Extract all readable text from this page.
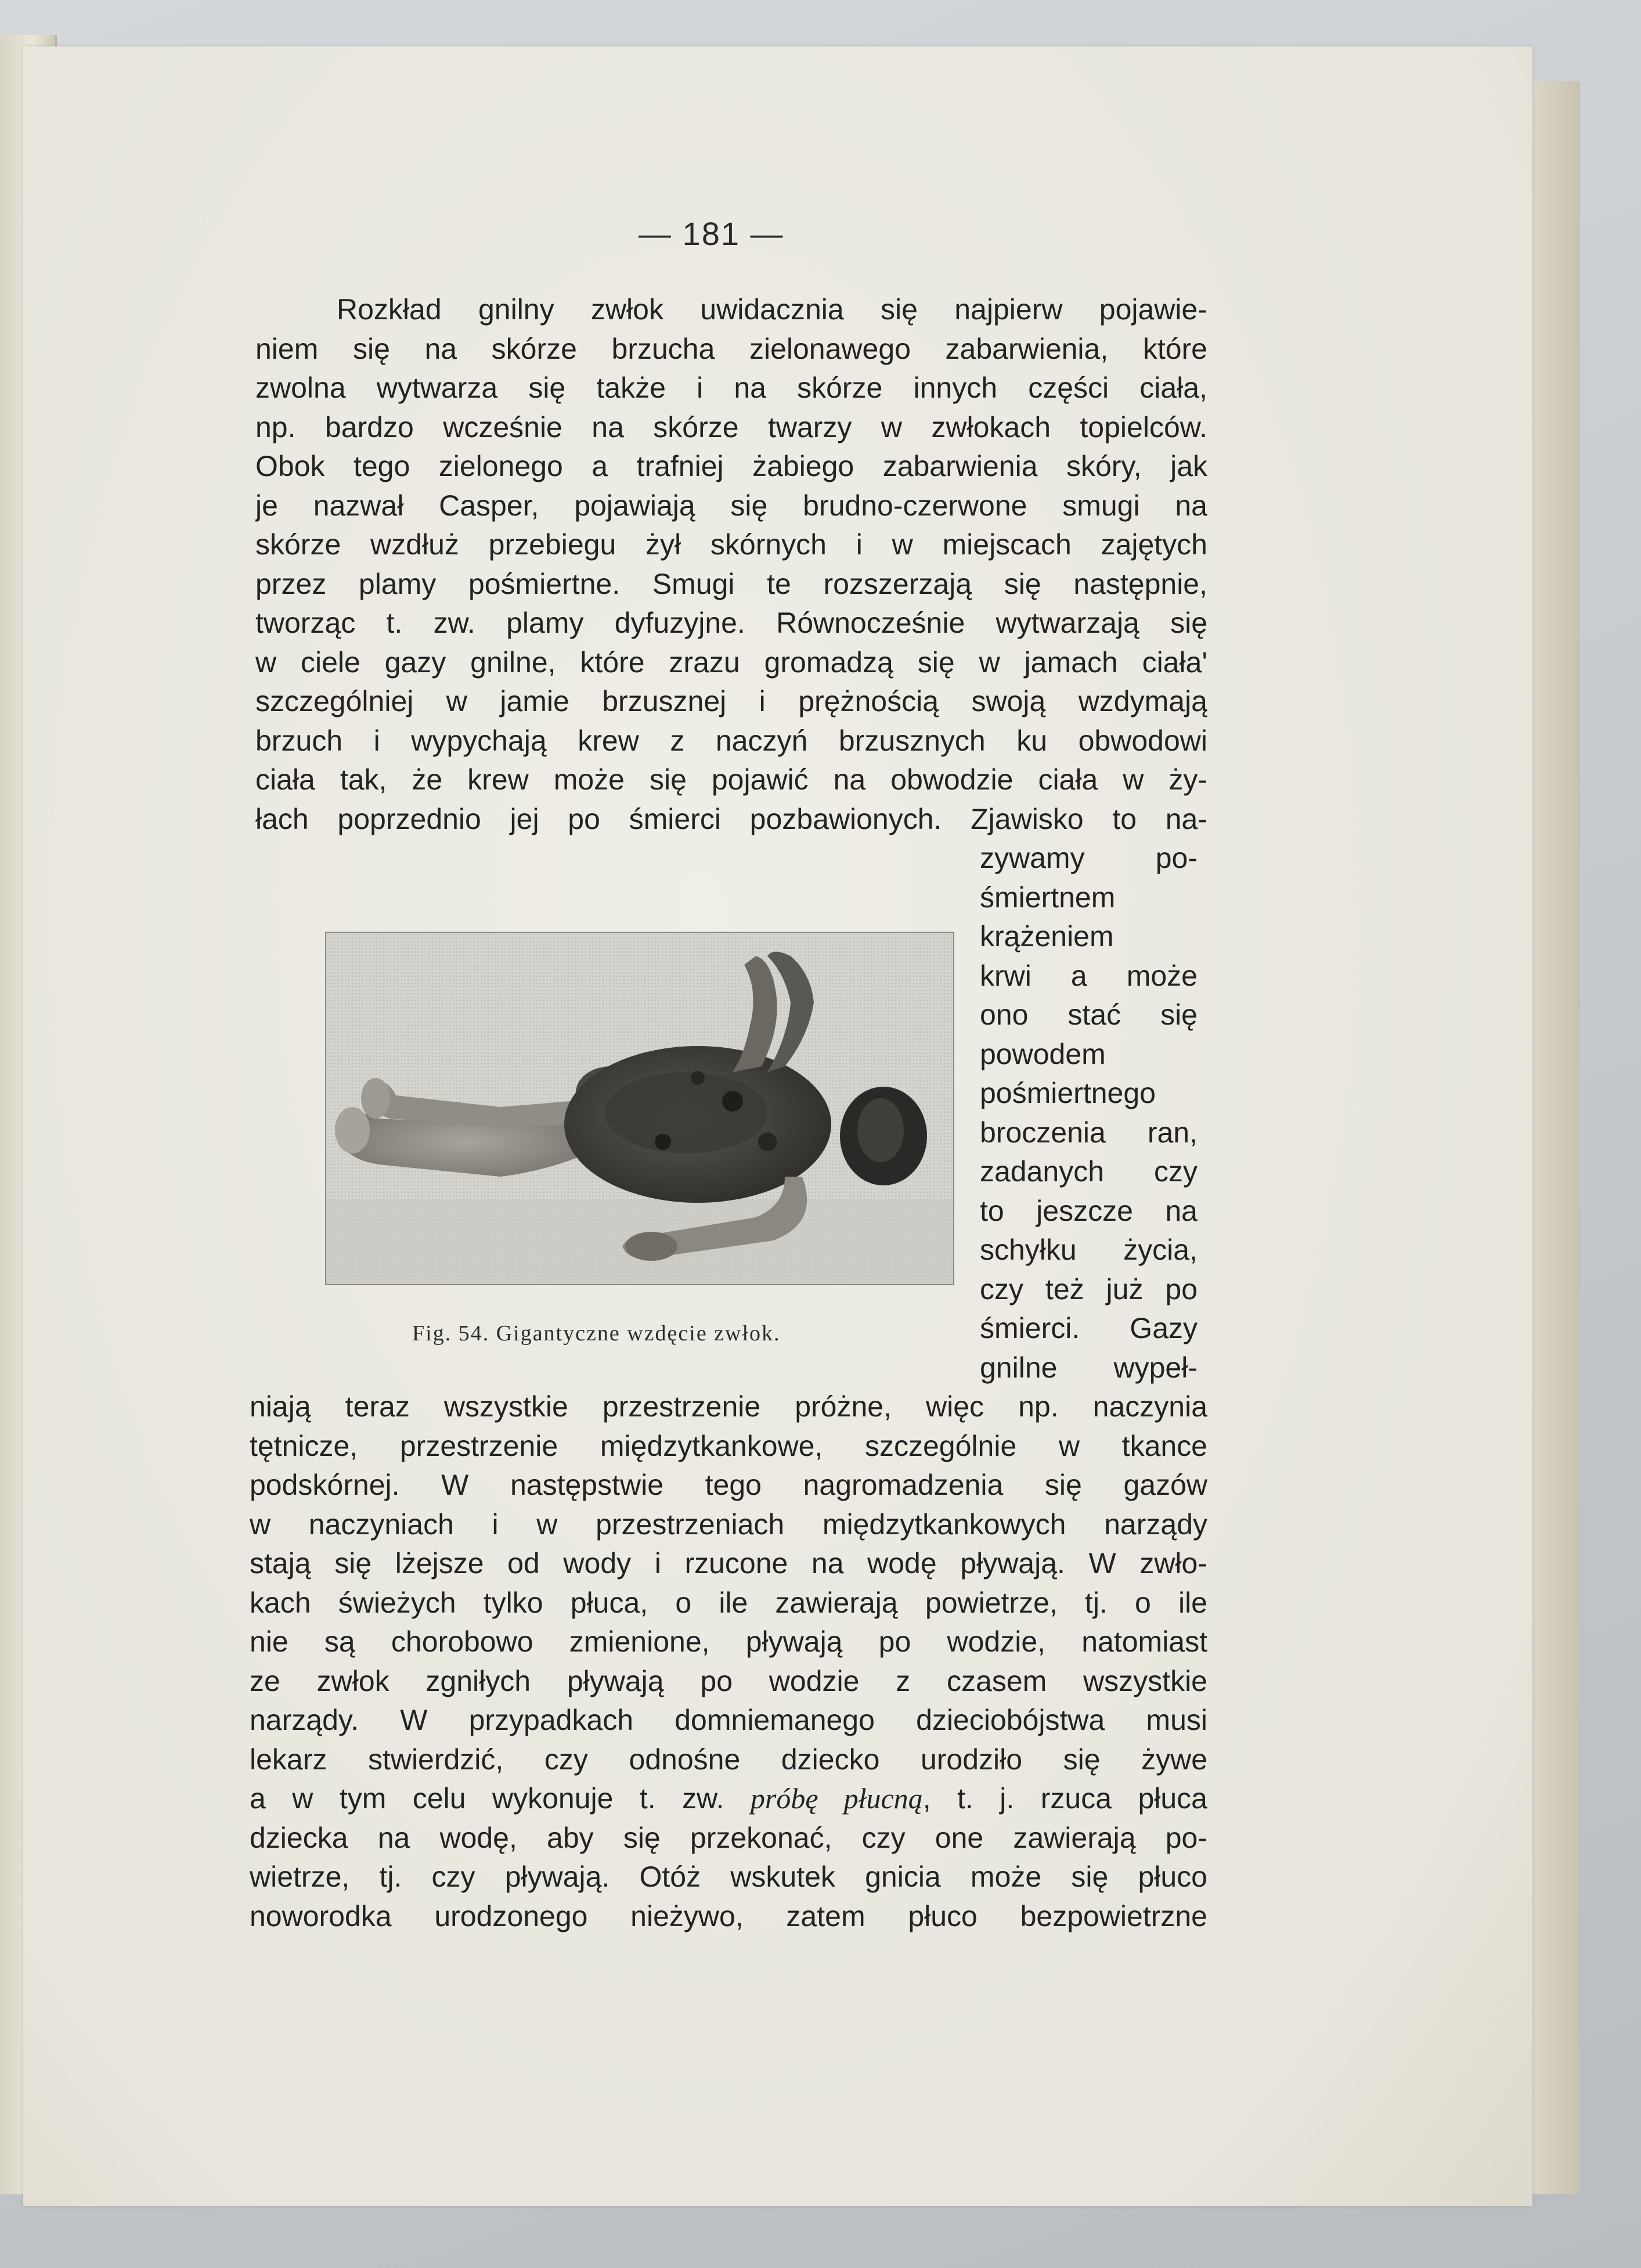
— 181 —
Rozkład gnilny zwłok uwidacznia się najpierw pojawie-
niem się na skórze brzucha zielonawego zabarwienia, które
zwolna wytwarza się także i na skórze innych części ciała,
np. bardzo wcześnie na skórze twarzy w zwłokach topielców.
Obok tego zielonego a trafniej żabiego zabarwienia skóry, jak
je nazwał Casper, pojawiają się brudno-czerwone smugi na
skórze wzdłuż przebiegu żył skórnych i w miejscach zajętych
przez plamy pośmiertne. Smugi te rozszerzają się następnie,
tworząc t. zw. plamy dyfuzyjne. Równocześnie wytwarzają się
w ciele gazy gnilne, które zrazu gromadzą się w jamach ciała'
szczególniej w jamie brzusznej i prężnością swoją wzdymają
brzuch i wypychają krew z naczyń brzusznych ku obwodowi
ciała tak, że krew może się pojawić na obwodzie ciała w ży-
łach poprzednio jej po śmierci pozbawionych. Zjawisko to na-
Fig. 54. Gigantyczne wzdęcie zwłok.
zywamy po-
śmiertnem
krążeniem
krwi a może
ono stać się
powodem
pośmiertnego
broczenia ran,
zadanych czy
to jeszcze na
schyłku życia,
czy też już po
śmierci. Gazy
gnilne wypeł-
niają teraz wszystkie przestrzenie próżne, więc np. naczynia
tętnicze, przestrzenie międzytkankowe, szczególnie w tkance
podskórnej. W następstwie tego nagromadzenia się gazów
w naczyniach i w przestrzeniach międzytkankowych narządy
stają się lżejsze od wody i rzucone na wodę pływają. W zwło-
kach świeżych tylko płuca, o ile zawierają powietrze, tj. o ile
nie są chorobowo zmienione, pływają po wodzie, natomiast
ze zwłok zgniłych pływają po wodzie z czasem wszystkie
narządy. W przypadkach domniemanego dzieciobójstwa musi
lekarz stwierdzić, czy odnośne dziecko urodziło się żywe
a w tym celu wykonuje t. zw. próbę płucną, t. j. rzuca płuca
dziecka na wodę, aby się przekonać, czy one zawierają po-
wietrze, tj. czy pływają. Otóż wskutek gnicia może się płuco
noworodka urodzonego nieżywo, zatem płuco bezpowietrzne
